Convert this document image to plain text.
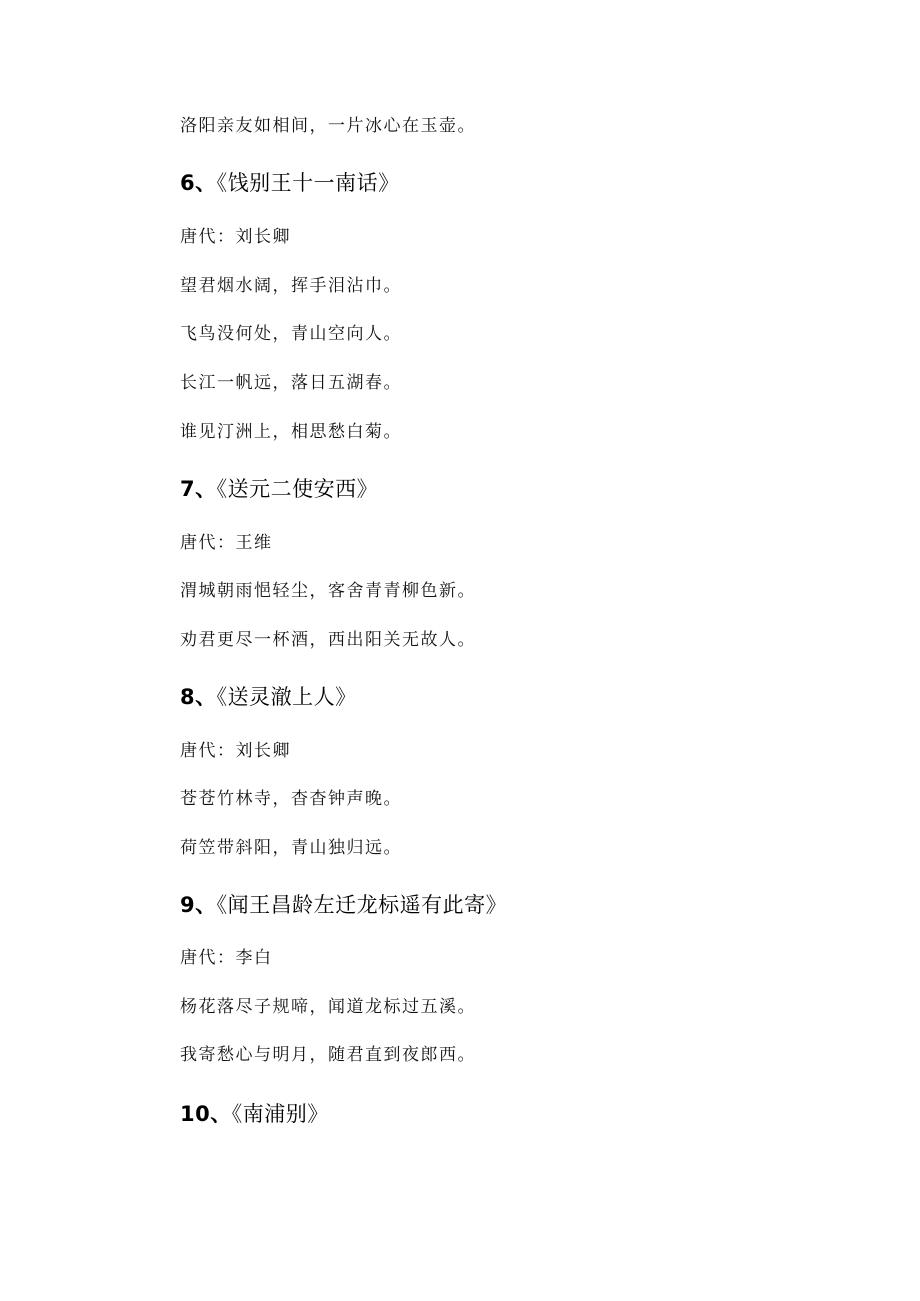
洛阳亲友如相间，一片冰心在玉壶。
6、《饯别王十一南话》
唐代：刘长卿
望君烟水阔，挥手泪沾巾。
飞鸟没何处，青山空向人。
长江一帆远，落日五湖春。
谁见汀洲上，相思愁白菊。
7、《送元二使安西》
唐代：王维
渭城朝雨悒轻尘，客舍青青柳色新。
劝君更尽一杯酒，西出阳关无故人。
8、《送灵澈上人》
唐代：刘长卿
苍苍竹林寺，杳杳钟声晚。
荷笠带斜阳，青山独归远。
9、《闻王昌龄左迁龙标遥有此寄》
唐代：李白
杨花落尽子规啼，闻道龙标过五溪。
我寄愁心与明月，随君直到夜郎西。
10、《南浦别》
